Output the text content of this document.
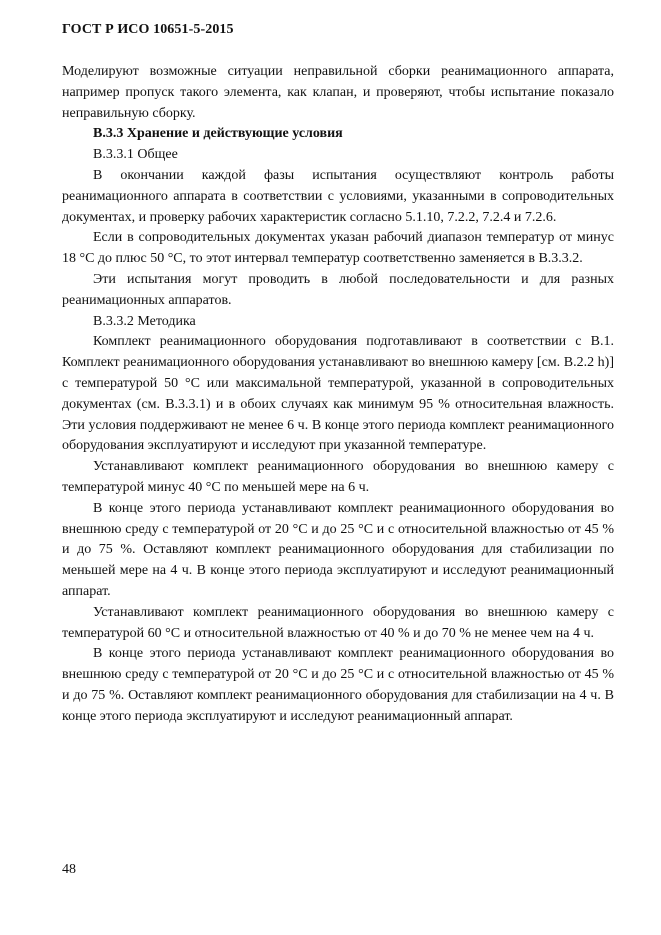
ГОСТ Р ИСО 10651-5-2015

Моделируют возможные ситуации неправильной сборки реанимационного аппарата, например пропуск такого элемента, как клапан, и проверяют, чтобы испытание показало неправильную сборку.

В.3.3 Хранение и действующие условия

В.3.3.1 Общее

В окончании каждой фазы испытания осуществляют контроль работы реанимационного аппарата в соответствии с условиями, указанными в сопроводительных документах, и проверку рабочих характеристик согласно 5.1.10, 7.2.2, 7.2.4 и 7.2.6.

Если в сопроводительных документах указан рабочий диапазон температур от минус 18 °С до плюс 50 °С, то этот интервал температур соответственно заменяется в В.3.3.2.

Эти испытания могут проводить в любой последовательности и для разных реанимационных аппаратов.

В.3.3.2 Методика

Комплект реанимационного оборудования подготавливают в соответствии с В.1. Комплект реанимационного оборудования устанавливают во внешнюю камеру [см. В.2.2 h)] с температурой 50 °С или максимальной температурой, указанной в сопроводительных документах (см. В.3.3.1) и в обоих случаях как минимум 95 % относительная влажность. Эти условия поддерживают не менее 6 ч. В конце этого периода комплект реанимационного оборудования эксплуатируют и исследуют при указанной температуре.

Устанавливают комплект реанимационного оборудования во внешнюю камеру с температурой минус 40 °С по меньшей мере на 6 ч.

В конце этого периода устанавливают комплект реанимационного оборудования во внешнюю среду с температурой от 20 °С и до 25 °С и с относительной влажностью от 45 % и до 75 %. Оставляют комплект реанимационного оборудования для стабилизации по меньшей мере на 4 ч. В конце этого периода эксплуатируют и исследуют реанимационный аппарат.

Устанавливают комплект реанимационного оборудования во внешнюю камеру с температурой 60 °С и относительной влажностью от 40 % и до 70 % не менее чем на 4 ч.

В конце этого периода устанавливают комплект реанимационного оборудования во внешнюю среду с температурой от 20 °С и до 25 °С и с относительной влажностью от 45 % и до 75 %. Оставляют комплект реанимационного оборудования для стабилизации на 4 ч. В конце этого периода эксплуатируют и исследуют реанимационный аппарат.

48
